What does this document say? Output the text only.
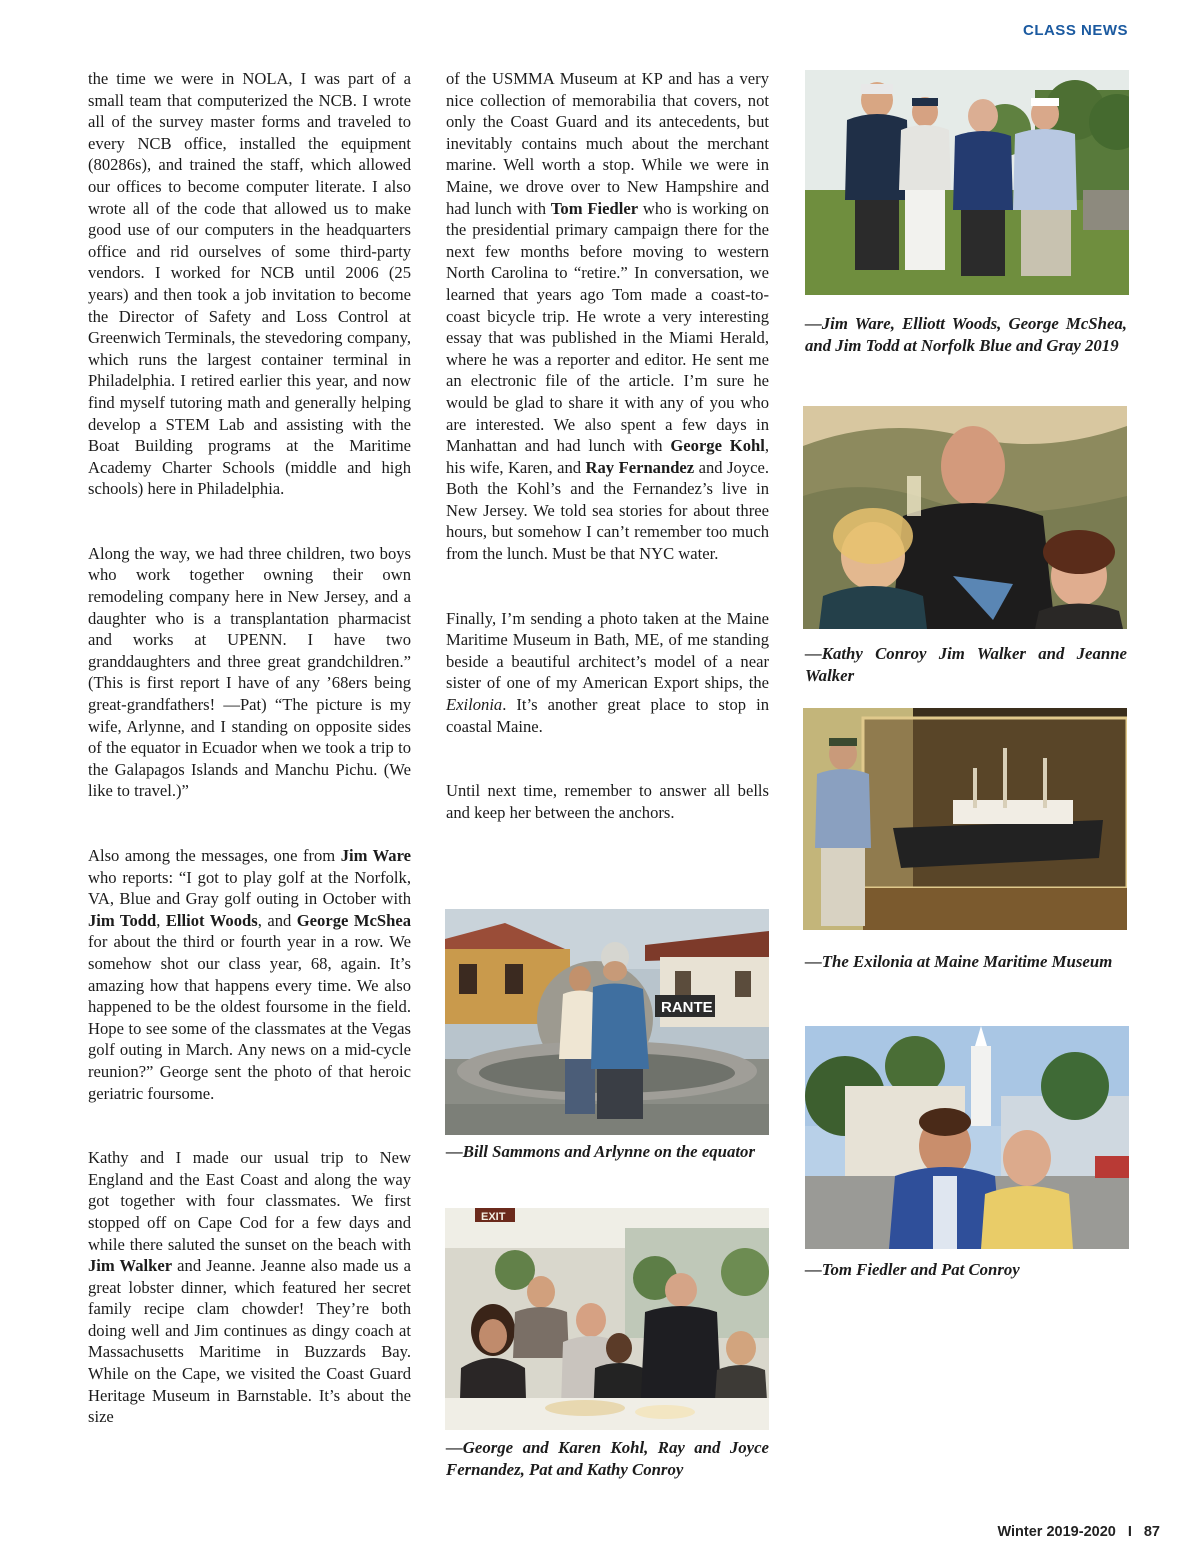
CLASS NEWS

the time we were in NOLA, I was part of a small team that computerized the NCB. I wrote all of the survey master forms and traveled to every NCB office, installed the equipment (80286s), and trained the staff, which allowed our offices to become computer literate. I also wrote all of the code that allowed us to make good use of our computers in the headquarters office and rid ourselves of some third-party vendors. I worked for NCB until 2006 (25 years) and then took a job invitation to become the Director of Safety and Loss Control at Greenwich Terminals, the stevedoring company, which runs the largest container terminal in Philadelphia. I retired earlier this year, and now find myself tutoring math and generally helping develop a STEM Lab and assisting with the Boat Building programs at the Maritime Academy Charter Schools (middle and high schools) here in Philadelphia.

Along the way, we had three children, two boys who work together owning their own remodeling company here in New Jersey, and a daughter who is a transplantation pharmacist and works at UPENN. I have two granddaughters and three great grandchildren.” (This is first report I have of any ’68ers being great-grandfathers! —Pat) “The picture is my wife, Arlynne, and I standing on opposite sides of the equator in Ecuador when we took a trip to the Galapagos Islands and Manchu Pichu. (We like to travel.)”

Also among the messages, one from Jim Ware who reports: “I got to play golf at the Norfolk, VA, Blue and Gray golf outing in October with Jim Todd, Elliot Woods, and George McShea for about the third or fourth year in a row. We somehow shot our class year, 68, again. It’s amazing how that happens every time. We also happened to be the oldest foursome in the field. Hope to see some of the classmates at the Vegas golf outing in March. Any news on a mid-cycle reunion?” George sent the photo of that heroic geriatric foursome.

Kathy and I made our usual trip to New England and the East Coast and along the way got together with four classmates. We first stopped off on Cape Cod for a few days and while there saluted the sunset on the beach with Jim Walker and Jeanne. Jeanne also made us a great lobster dinner, which featured her secret family recipe clam chowder! They’re both doing well and Jim continues as dingy coach at Massachusetts Maritime in Buzzards Bay. While on the Cape, we visited the Coast Guard Heritage Museum in Barnstable. It’s about the size

of the USMMA Museum at KP and has a very nice collection of memorabilia that covers, not only the Coast Guard and its antecedents, but inevitably contains much about the merchant marine. Well worth a stop. While we were in Maine, we drove over to New Hampshire and had lunch with Tom Fiedler who is working on the presidential primary campaign there for the next few months before moving to western North Carolina to “retire.” In conversation, we learned that years ago Tom made a coast-to-coast bicycle trip. He wrote a very interesting essay that was published in the Miami Herald, where he was a reporter and editor. He sent me an electronic file of the article. I’m sure he would be glad to share it with any of you who are interested. We also spent a few days in Manhattan and had lunch with George Kohl, his wife, Karen, and Ray Fernandez and Joyce. Both the Kohl’s and the Fernandez’s live in New Jersey. We told sea stories for about three hours, but somehow I can’t remember too much from the lunch. Must be that NYC water.

Finally, I’m sending a photo taken at the Maine Maritime Museum in Bath, ME, of me standing beside a beautiful architect’s model of a near sister of one of my American Export ships, the Exilonia. It’s another great place to stop in coastal Maine.

Until next time, remember to answer all bells and keep her between the anchors.

RANTE
—Bill Sammons and Arlynne on the equator
EXIT
—George and Karen Kohl, Ray and Joyce Fernandez, Pat and Kathy Conroy
—Jim Ware, Elliott Woods, George McShea, and Jim Todd at Norfolk Blue and Gray 2019
—Kathy Conroy Jim Walker and Jeanne Walker
—The Exilonia at Maine Maritime Museum
—Tom Fiedler and Pat Conroy
Winter 2019-2020 I 87
